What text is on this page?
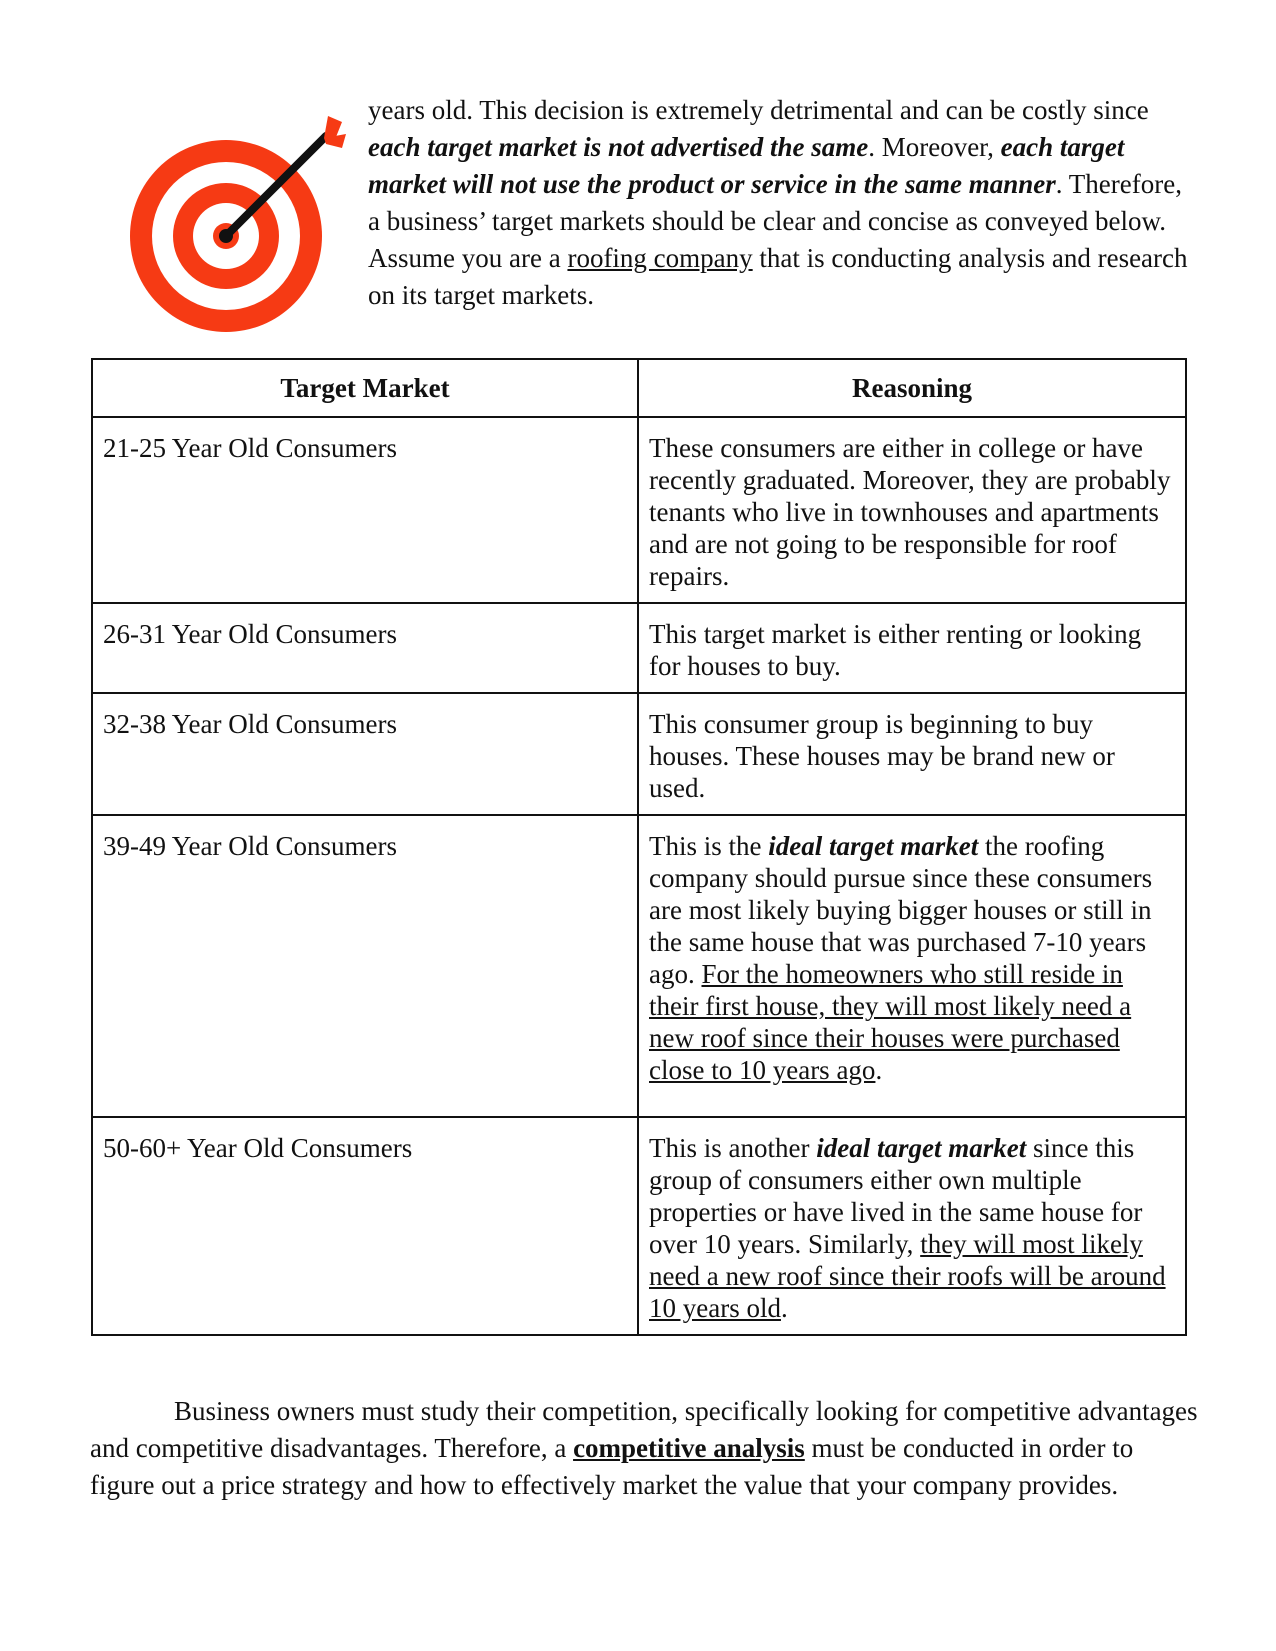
years old. This decision is extremely detrimental and can be costly since each target market is not advertised the same. Moreover, each target market will not use the product or service in the same manner. Therefore, a business’ target markets should be clear and concise as conveyed below. Assume you are a roofing company that is conducting analysis and research on its target markets.
Target Market	Reasoning
21-25 Year Old Consumers	These consumers are either in college or have recently graduated. Moreover, they are probably tenants who live in townhouses and apartments and are not going to be responsible for roof repairs.
26-31 Year Old Consumers	This target market is either renting or looking for houses to buy.
32-38 Year Old Consumers	This consumer group is beginning to buy houses. These houses may be brand new or used.
39-49 Year Old Consumers	This is the ideal target market the roofing company should pursue since these consumers are most likely buying bigger houses or still in the same house that was purchased 7-10 years ago. For the homeowners who still reside in their first house, they will most likely need a new roof since their houses were purchased close to 10 years ago.
50-60+ Year Old Consumers	This is another ideal target market since this group of consumers either own multiple properties or have lived in the same house for over 10 years. Similarly, they will most likely need a new roof since their roofs will be around 10 years old.
Business owners must study their competition, specifically looking for competitive advantages and competitive disadvantages. Therefore, a competitive analysis must be conducted in order to figure out a price strategy and how to effectively market the value that your company provides.
